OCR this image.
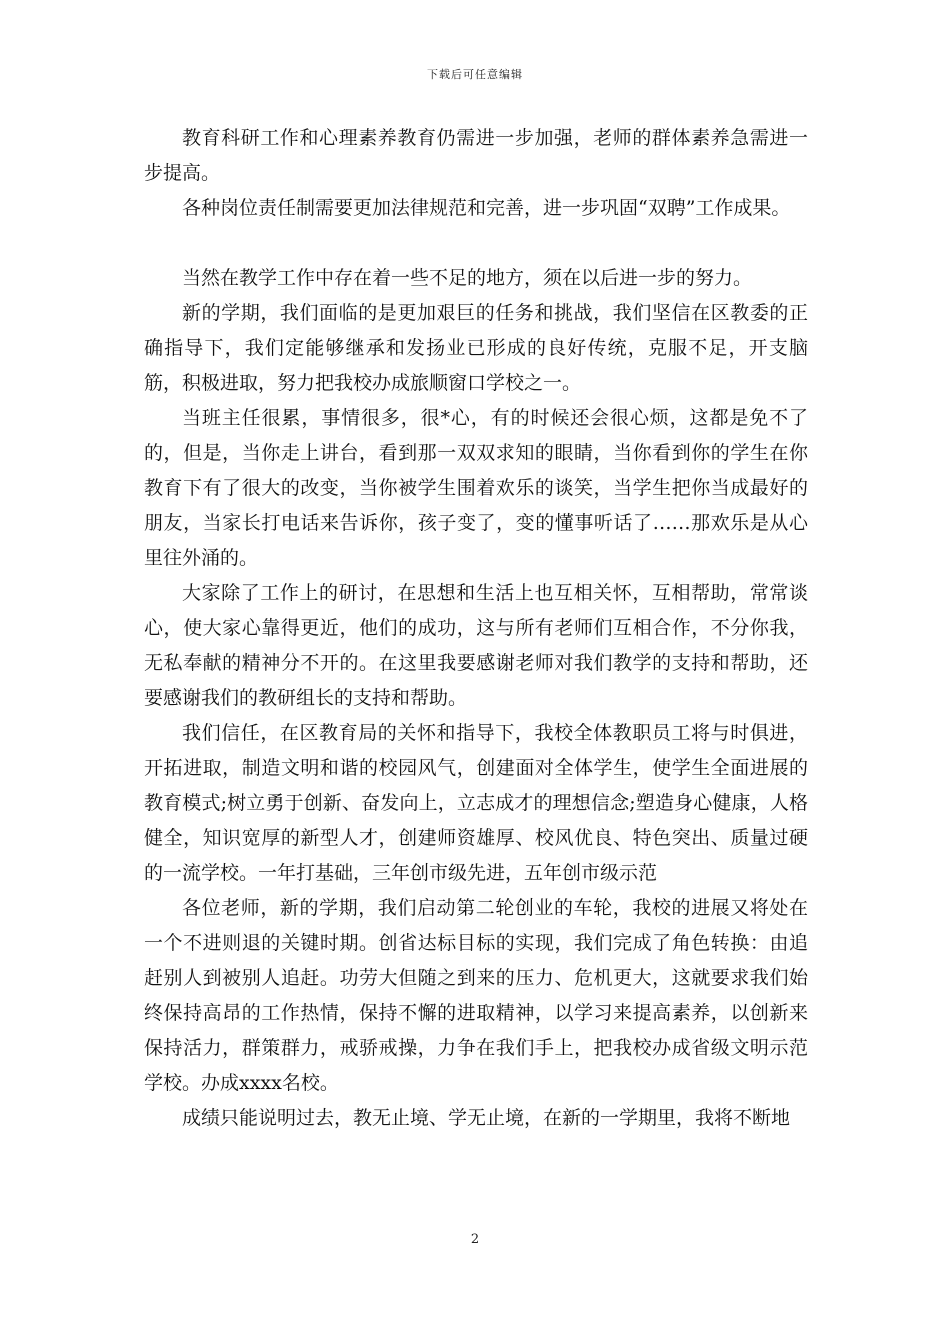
下载后可任意编辑

教育科研工作和心理素养教育仍需进一步加强，老师的群体素养急需进一步提高。

各种岗位责任制需要更加法律规范和完善，进一步巩固“双聘”工作成果。

当然在教学工作中存在着一些不足的地方，须在以后进一步的努力。

新的学期，我们面临的是更加艰巨的任务和挑战，我们坚信在区教委的正确指导下，我们定能够继承和发扬业已形成的良好传统，克服不足，开支脑筋，积极进取，努力把我校办成旅顺窗口学校之一。

当班主任很累，事情很多，很*心，有的时候还会很心烦，这都是免不了的，但是，当你走上讲台，看到那一双双求知的眼睛，当你看到你的学生在你教育下有了很大的改变，当你被学生围着欢乐的谈笑，当学生把你当成最好的朋友，当家长打电话来告诉你，孩子变了，变的懂事听话了……那欢乐是从心里往外涌的。

大家除了工作上的研讨，在思想和生活上也互相关怀，互相帮助，常常谈心，使大家心靠得更近，他们的成功，这与所有老师们互相合作，不分你我，无私奉献的精神分不开的。在这里我要感谢老师对我们教学的支持和帮助，还要感谢我们的教研组长的支持和帮助。

我们信任，在区教育局的关怀和指导下，我校全体教职员工将与时俱进，开拓进取，制造文明和谐的校园风气，创建面对全体学生，使学生全面进展的教育模式;树立勇于创新、奋发向上，立志成才的理想信念;塑造身心健康，人格健全，知识宽厚的新型人才，创建师资雄厚、校风优良、特色突出、质量过硬的一流学校。一年打基础，三年创市级先进，五年创市级示范

各位老师，新的学期，我们启动第二轮创业的车轮，我校的进展又将处在一个不进则退的关键时期。创省达标目标的实现，我们完成了角色转换：由追赶别人到被别人追赶。功劳大但随之到来的压力、危机更大，这就要求我们始终保持高昂的工作热情，保持不懈的进取精神，以学习来提高素养，以创新来保持活力，群策群力，戒骄戒操，力争在我们手上，把我校办成省级文明示范学校。办成xxxx名校。

成绩只能说明过去，教无止境、学无止境，在新的一学期里，我将不断地

2
